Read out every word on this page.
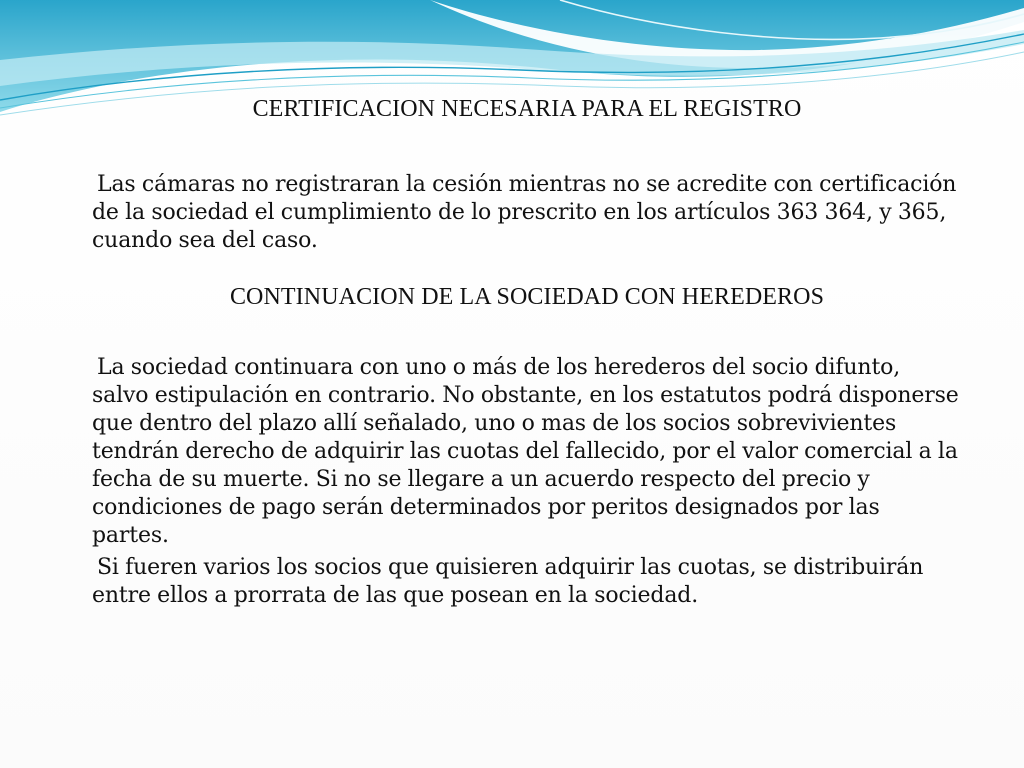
CERTIFICACION NECESARIA PARA EL REGISTRO

Las cámaras no registraran la cesión mientras no se acredite con certificación de la sociedad el cumplimiento de lo prescrito en los artículos 363 364, y 365, cuando sea del caso.

CONTINUACION DE LA SOCIEDAD CON HEREDEROS

La sociedad continuara con uno o más de los herederos del socio difunto, salvo estipulación en contrario. No obstante, en los estatutos podrá disponerse que dentro del plazo allí señalado, uno o mas de los socios sobrevivientes tendrán derecho de adquirir las cuotas del fallecido, por el valor comercial a la fecha de su muerte. Si no se llegare a un acuerdo respecto del precio y condiciones de pago serán determinados por peritos designados por las partes.

Si fueren varios los socios que quisieren adquirir las cuotas, se distribuirán entre ellos a prorrata de las que posean en la sociedad.
